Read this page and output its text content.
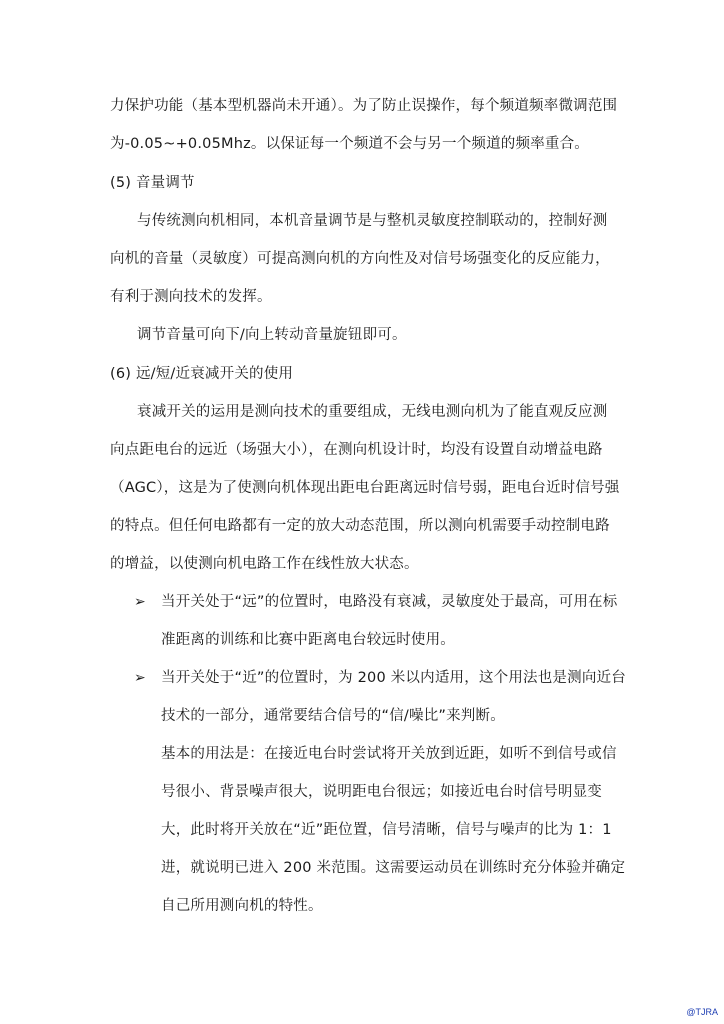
力保护功能（基本型机器尚未开通）。为了防止误操作，每个频道频率微调范围
为-0.05~+0.05Mhz。以保证每一个频道不会与另一个频道的频率重合。
(5) 音量调节
与传统测向机相同，本机音量调节是与整机灵敏度控制联动的，控制好测
向机的音量（灵敏度）可提高测向机的方向性及对信号场强变化的反应能力，
有利于测向技术的发挥。
调节音量可向下/向上转动音量旋钮即可。
(6) 远/短/近衰减开关的使用
衰减开关的运用是测向技术的重要组成，无线电测向机为了能直观反应测
向点距电台的远近（场强大小），在测向机设计时，均没有设置自动增益电路
（AGC），这是为了使测向机体现出距电台距离远时信号弱，距电台近时信号强
的特点。但任何电路都有一定的放大动态范围，所以测向机需要手动控制电路
的增益，以使测向机电路工作在线性放大状态。
➢ 当开关处于“远”的位置时，电路没有衰减，灵敏度处于最高，可用在标
准距离的训练和比赛中距离电台较远时使用。
➢ 当开关处于“近”的位置时，为 200 米以内适用，这个用法也是测向近台
技术的一部分，通常要结合信号的“信/噪比”来判断。
基本的用法是：在接近电台时尝试将开关放到近距，如听不到信号或信
号很小、背景噪声很大，说明距电台很远；如接近电台时信号明显变
大，此时将开关放在“近”距位置，信号清晰，信号与噪声的比为 1：1
进，就说明已进入 200 米范围。这需要运动员在训练时充分体验并确定
自己所用测向机的特性。
@TJRA
